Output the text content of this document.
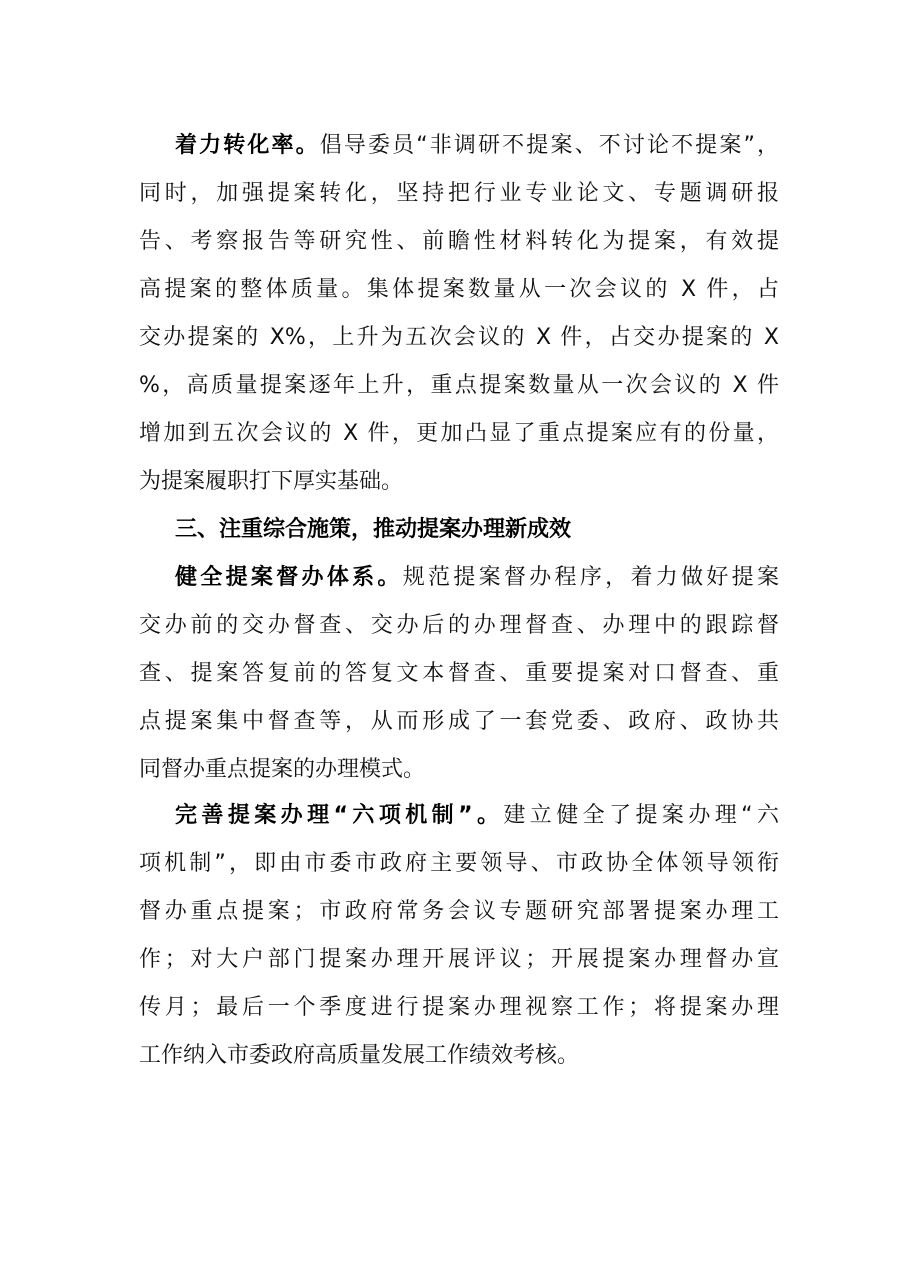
着力转化率。倡导委员“非调研不提案、不讨论不提案”，
同时，加强提案转化，坚持把行业专业论文、专题调研报
告、考察报告等研究性、前瞻性材料转化为提案，有效提
高提案的整体质量。集体提案数量从一次会议的 X 件，占
交办提案的 X%，上升为五次会议的 X 件，占交办提案的 X
%，高质量提案逐年上升，重点提案数量从一次会议的 X 件
增加到五次会议的 X 件，更加凸显了重点提案应有的份量，
为提案履职打下厚实基础。
三、注重综合施策，推动提案办理新成效
健全提案督办体系。规范提案督办程序，着力做好提案
交办前的交办督查、交办后的办理督查、办理中的跟踪督
查、提案答复前的答复文本督查、重要提案对口督查、重
点提案集中督查等，从而形成了一套党委、政府、政协共
同督办重点提案的办理模式。
完善提案办理“六项机制”。建立健全了提案办理“六
项机制”，即由市委市政府主要领导、市政协全体领导领衔
督办重点提案；市政府常务会议专题研究部署提案办理工
作；对大户部门提案办理开展评议；开展提案办理督办宣
传月；最后一个季度进行提案办理视察工作；将提案办理
工作纳入市委政府高质量发展工作绩效考核。
